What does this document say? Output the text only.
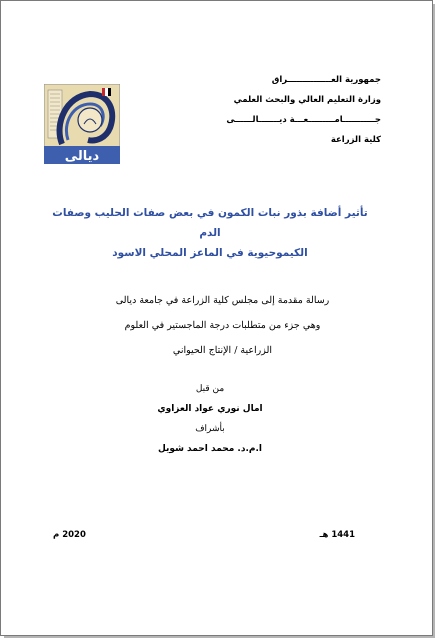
جمهورية العـــــــــــــــراق
وزارة التعليم العالي والبحث العلمي
جـــــــــــامـــــــــعـــة ديـــــــالــــــى
كلية الزراعة
ديالى
تأثير أضافة بذور نبات الكمون في بعض صفات الحليب وصفات الدم
الكيموحيوية في الماعز المحلي الاسود
رسالة مقدمة إلى مجلس كلية الزراعة في جامعة ديالى
وهي جزء من متطلبات درجة الماجستير في العلوم
الزراعية / الإنتاج الحيواني
من قبل
امال نوري عواد العزاوي
بأشراف
ا.م.د. محمد احمد شويل
1441 هـ
2020 م
